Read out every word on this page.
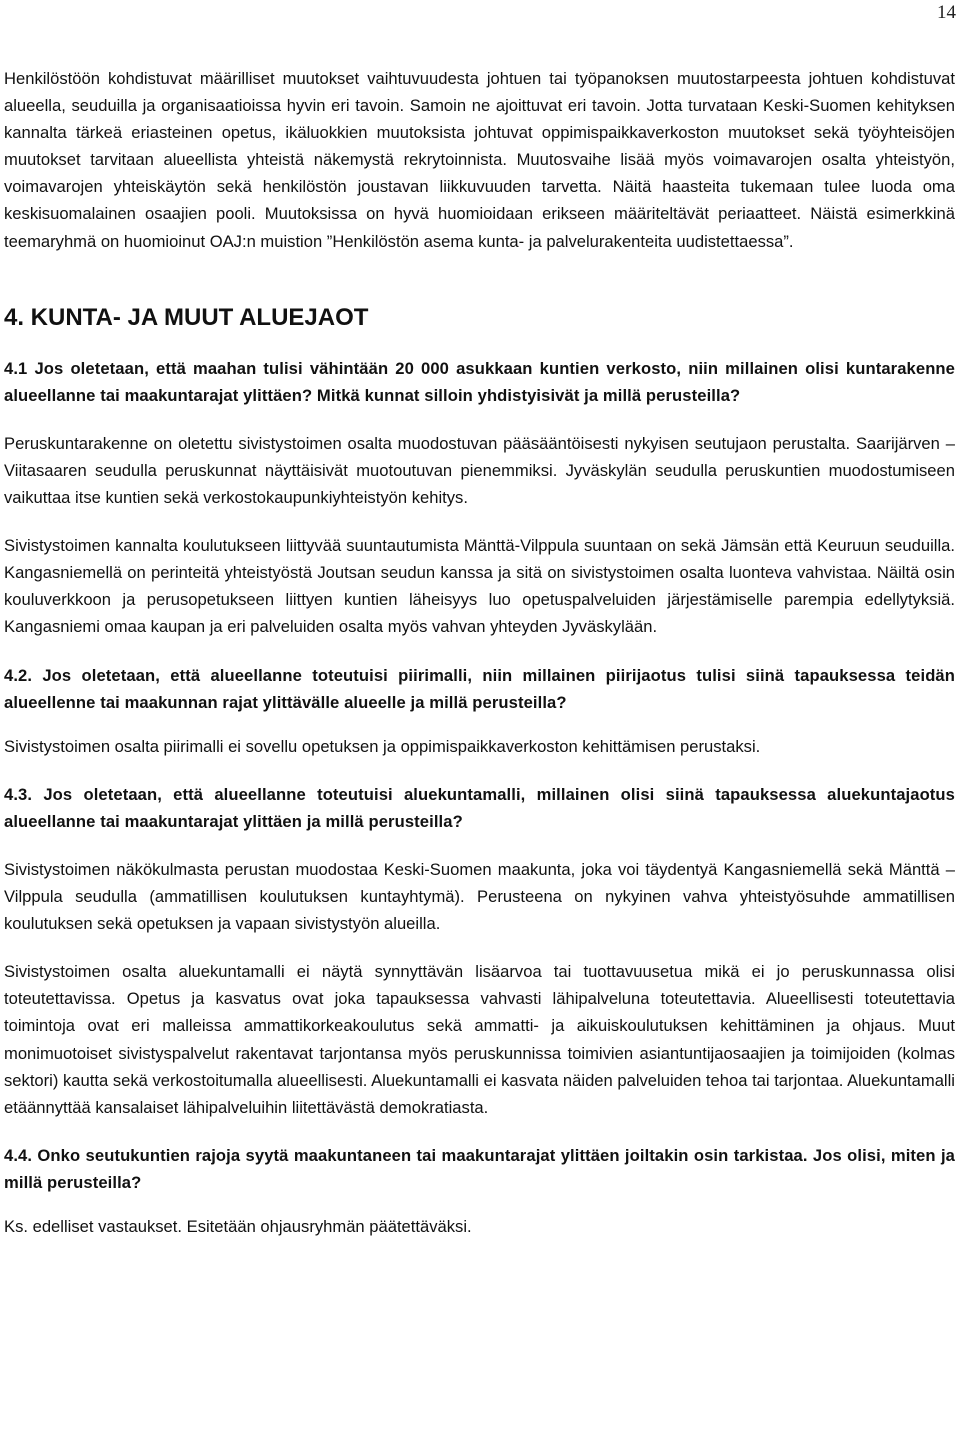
14

Henkilöstöön kohdistuvat määrilliset muutokset vaihtuvuudesta johtuen tai työpanoksen muutostarpeesta johtuen kohdistuvat alueella, seuduilla ja organisaatioissa hyvin eri tavoin. Samoin ne ajoittuvat eri tavoin. Jotta turvataan Keski-Suomen kehityksen kannalta tärkeä eriasteinen opetus, ikäluokkien muutoksista johtuvat oppimispaikkaverkoston muutokset sekä työyhteisöjen muutokset tarvitaan alueellista yhteistä näkemystä rekrytoinnista. Muutosvaihe lisää myös voimavarojen osalta yhteistyön, voimavarojen yhteiskäytön sekä henkilöstön joustavan liikkuvuuden tarvetta. Näitä haasteita tukemaan tulee luoda oma keskisuomalainen osaajien pooli. Muutoksissa on hyvä huomioidaan erikseen määriteltävät periaatteet. Näistä esimerkkinä teemaryhmä on huomioinut OAJ:n muistion ”Henkilöstön asema kunta- ja palvelurakenteita uudistettaessa”.

4. KUNTA- JA MUUT ALUEJAOT

4.1 Jos oletetaan, että maahan tulisi vähintään 20 000 asukkaan kuntien verkosto, niin millainen olisi kuntarakenne alueellanne tai maakuntarajat ylittäen? Mitkä kunnat silloin yhdistyisivät ja millä perusteilla?

Peruskuntarakenne on oletettu sivistystoimen osalta muodostuvan pääsääntöisesti nykyisen seutujaon perustalta. Saarijärven – Viitasaaren seudulla peruskunnat näyttäisivät muotoutuvan pienemmiksi. Jyväskylän seudulla peruskuntien muodostumiseen vaikuttaa itse kuntien sekä verkostokaupunkiyhteistyön kehitys.

Sivistystoimen kannalta koulutukseen liittyvää suuntautumista Mänttä-Vilppula suuntaan on sekä Jämsän että Keuruun seuduilla. Kangasniemellä on perinteitä yhteistyöstä Joutsan seudun kanssa ja sitä on sivistystoimen osalta luonteva vahvistaa. Näiltä osin kouluverkkoon ja perusopetukseen liittyen kuntien läheisyys luo opetuspalveluiden järjestämiselle parempia edellytyksiä. Kangasniemi omaa kaupan ja eri palveluiden osalta myös vahvan yhteyden Jyväskylään.

4.2. Jos oletetaan, että alueellanne toteutuisi piirimalli, niin millainen piirijaotus tulisi siinä tapauksessa teidän alueellenne tai maakunnan rajat ylittävälle alueelle ja millä perusteilla?

Sivistystoimen osalta piirimalli ei sovellu opetuksen ja oppimispaikkaverkoston kehittämisen perustaksi.

4.3. Jos oletetaan, että alueellanne toteutuisi aluekuntamalli, millainen olisi siinä tapauksessa aluekuntajaotus alueellanne tai maakuntarajat ylittäen ja millä perusteilla?

Sivistystoimen näkökulmasta perustan muodostaa Keski-Suomen maakunta, joka voi täydentyä Kangasniemellä sekä Mänttä – Vilppula seudulla (ammatillisen koulutuksen kuntayhtymä). Perusteena on nykyinen vahva yhteistyösuhde ammatillisen koulutuksen sekä opetuksen ja vapaan sivistystyön alueilla.

Sivistystoimen osalta aluekuntamalli ei näytä synnyttävän lisäarvoa tai tuottavuusetua mikä ei jo peruskunnassa olisi toteutettavissa. Opetus ja kasvatus ovat joka tapauksessa vahvasti lähipalveluna toteutettavia. Alueellisesti toteutettavia toimintoja ovat eri malleissa ammattikorkeakoulutus sekä ammatti- ja aikuiskoulutuksen kehittäminen ja ohjaus. Muut monimuotoiset sivistyspalvelut rakentavat tarjontansa myös peruskunnissa toimivien asiantuntijaosaajien ja toimijoiden (kolmas sektori) kautta sekä verkostoitumalla alueellisesti. Aluekuntamalli ei kasvata näiden palveluiden tehoa tai tarjontaa. Aluekuntamalli etäännyttää kansalaiset lähipalveluihin liitettävästä demokratiasta.

4.4. Onko seutukuntien rajoja syytä maakuntaneen tai maakuntarajat ylittäen joiltakin osin tarkistaa. Jos olisi, miten ja millä perusteilla?

Ks. edelliset vastaukset. Esitetään ohjausryhmän päätettäväksi.
